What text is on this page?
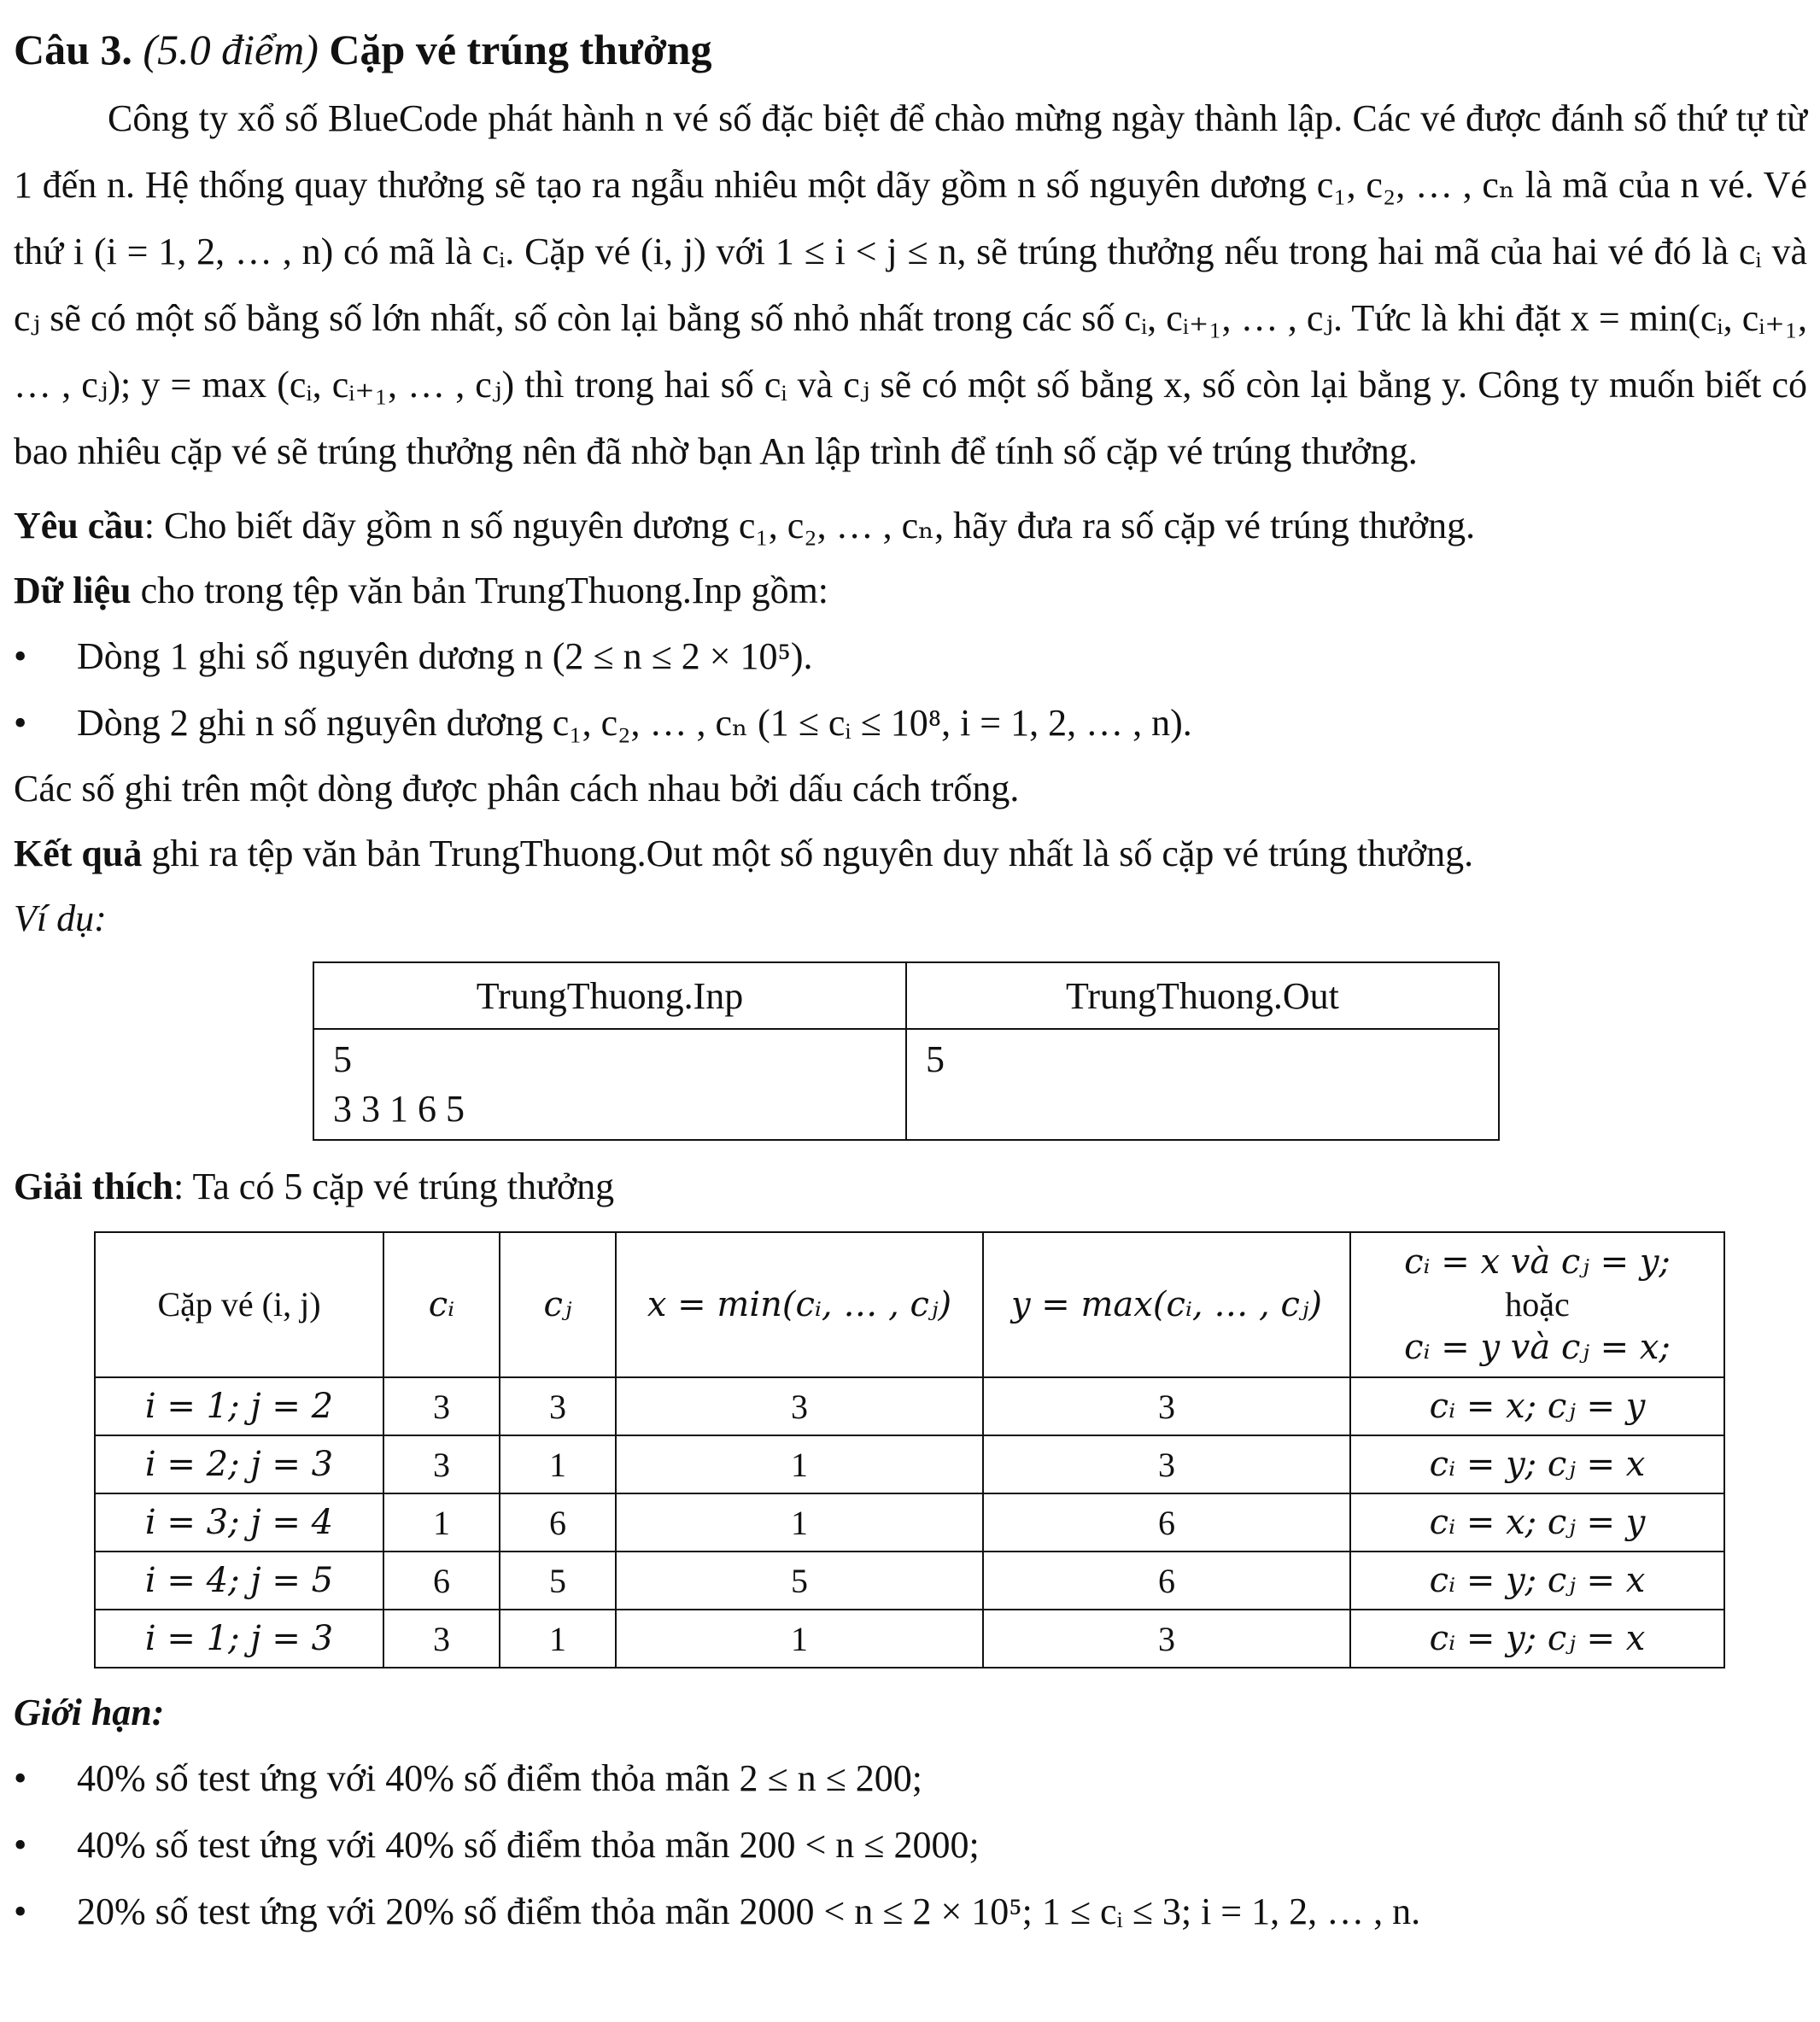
Câu 3. (5.0 điểm) Cặp vé trúng thưởng
Công ty xổ số BlueCode phát hành n vé số đặc biệt để chào mừng ngày thành lập. Các vé được đánh số thứ tự từ 1 đến n. Hệ thống quay thưởng sẽ tạo ra ngẫu nhiêu một dãy gồm n số nguyên dương c₁, c₂, … , cₙ là mã của n vé. Vé thứ i (i = 1, 2, … , n) có mã là cᵢ. Cặp vé (i, j) với 1 ≤ i < j ≤ n, sẽ trúng thưởng nếu trong hai mã của hai vé đó là cᵢ và cⱼ sẽ có một số bằng số lớn nhất, số còn lại bằng số nhỏ nhất trong các số cᵢ, cᵢ₊₁, … , cⱼ. Tức là khi đặt x = min(cᵢ, cᵢ₊₁, … , cⱼ); y = max (cᵢ, cᵢ₊₁, … , cⱼ) thì trong hai số cᵢ và cⱼ sẽ có một số bằng x, số còn lại bằng y. Công ty muốn biết có bao nhiêu cặp vé sẽ trúng thưởng nên đã nhờ bạn An lập trình để tính số cặp vé trúng thưởng.
Yêu cầu: Cho biết dãy gồm n số nguyên dương c₁, c₂, … , cₙ, hãy đưa ra số cặp vé trúng thưởng.
Dữ liệu cho trong tệp văn bản TrungThuong.Inp gồm:
• Dòng 1 ghi số nguyên dương n (2 ≤ n ≤ 2 × 10⁵).
• Dòng 2 ghi n số nguyên dương c₁, c₂, … , cₙ (1 ≤ cᵢ ≤ 10⁸, i = 1, 2, … , n).
Các số ghi trên một dòng được phân cách nhau bởi dấu cách trống.
Kết quả ghi ra tệp văn bản TrungThuong.Out một số nguyên duy nhất là số cặp vé trúng thưởng.
Ví dụ:
TrungThuong.Inp	TrungThuong.Out

5
3 3 1 6 5	5
Giải thích: Ta có 5 cặp vé trúng thưởng
Cặp vé (i, j)	cᵢ	cⱼ	x = min(cᵢ, … , cⱼ)	y = max(cᵢ, … , cⱼ)	cᵢ = x và cⱼ = y;
hoặc
cᵢ = y và cⱼ = x;

i = 1; j = 2	3	3	3	3	cᵢ = x; cⱼ = y
i = 2; j = 3	3	1	1	3	cᵢ = y; cⱼ = x
i = 3; j = 4	1	6	1	6	cᵢ = x; cⱼ = y
i = 4; j = 5	6	5	5	6	cᵢ = y; cⱼ = x
i = 1; j = 3	3	1	1	3	cᵢ = y; cⱼ = x
Giới hạn:
• 40% số test ứng với 40% số điểm thỏa mãn 2 ≤ n ≤ 200;
• 40% số test ứng với 40% số điểm thỏa mãn 200 < n ≤ 2000;
• 20% số test ứng với 20% số điểm thỏa mãn 2000 < n ≤ 2 × 10⁵; 1 ≤ cᵢ ≤ 3; i = 1, 2, … , n.
